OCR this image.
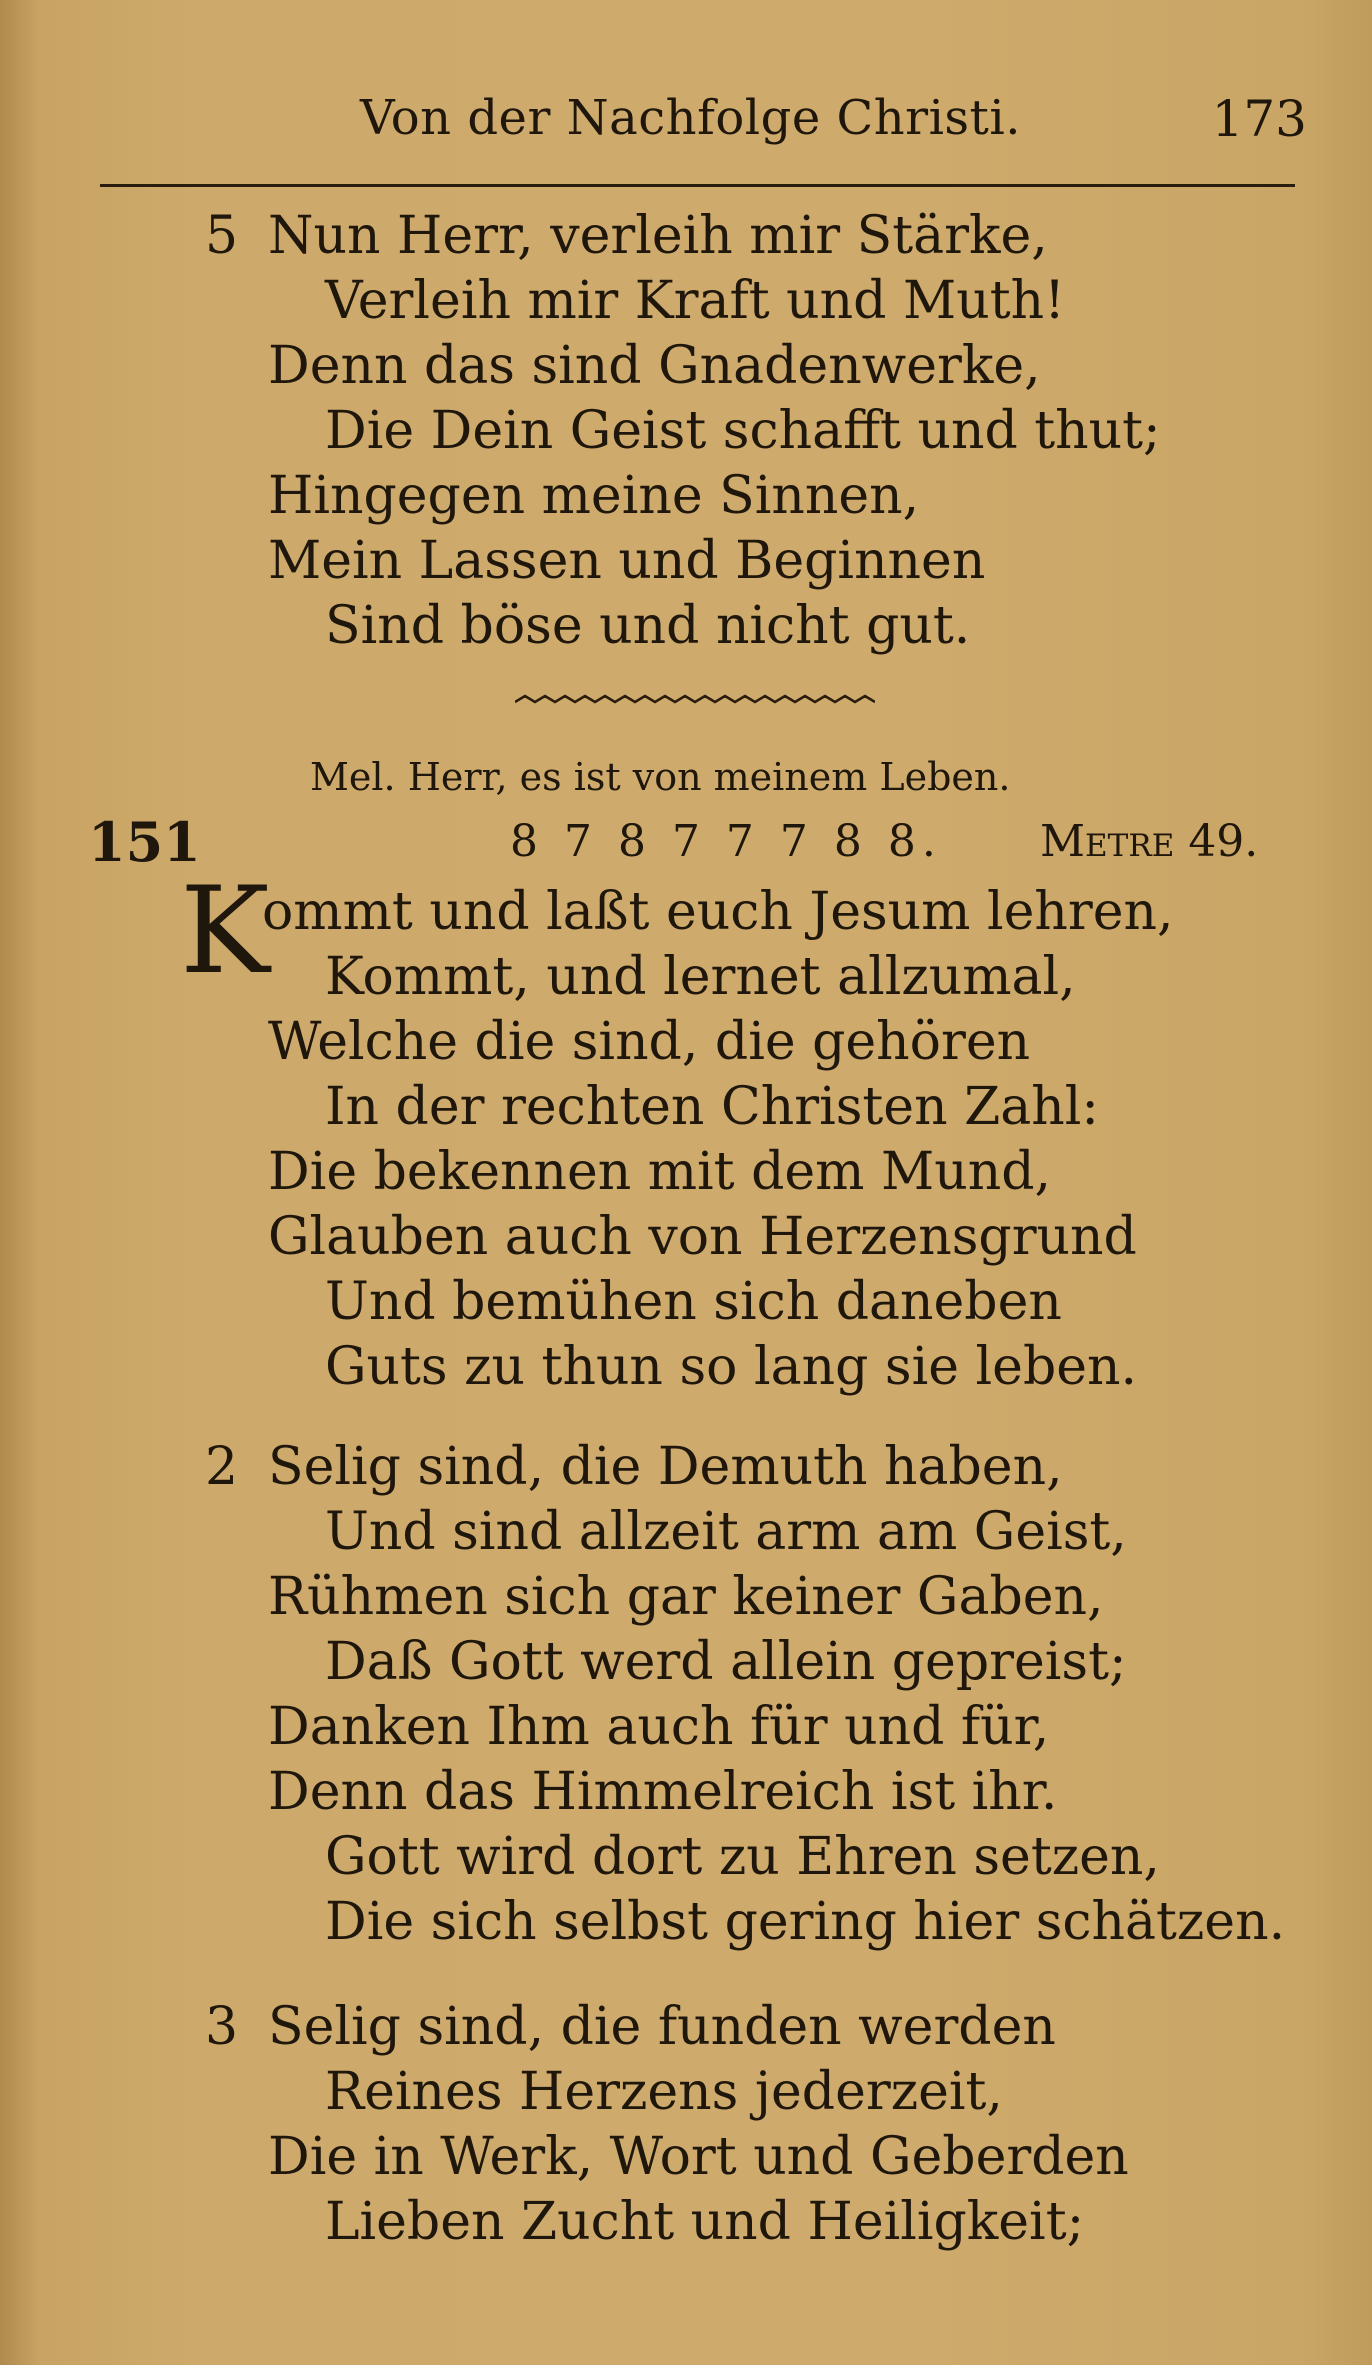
Von der Nachfolge Christi.	173
5 Nun Herr, verleih mir Stärke,
Verleih mir Kraft und Muth!
Denn das sind Gnadenwerke,
Die Dein Geist schafft und thut;
Hingegen meine Sinnen,
Mein Lassen und Beginnen
Sind böse und nicht gut.
Mel. Herr, es ist von meinem Leben.
151	8 7 8 7 7 7 8 8. Metre 49.
K
ommt und laßt euch Jesum lehren,
Kommt, und lernet allzumal,
Welche die sind, die gehören
In der rechten Christen Zahl:
Die bekennen mit dem Mund,
Glauben auch von Herzensgrund
Und bemühen sich daneben
Guts zu thun so lang sie leben.
2 Selig sind, die Demuth haben,
Und sind allzeit arm am Geist,
Rühmen sich gar keiner Gaben,
Daß Gott werd allein gepreist;
Danken Ihm auch für und für,
Denn das Himmelreich ist ihr.
Gott wird dort zu Ehren setzen,
Die sich selbst gering hier schätzen.
3 Selig sind, die funden werden
Reines Herzens jederzeit,
Die in Werk, Wort und Geberden
Lieben Zucht und Heiligkeit;
